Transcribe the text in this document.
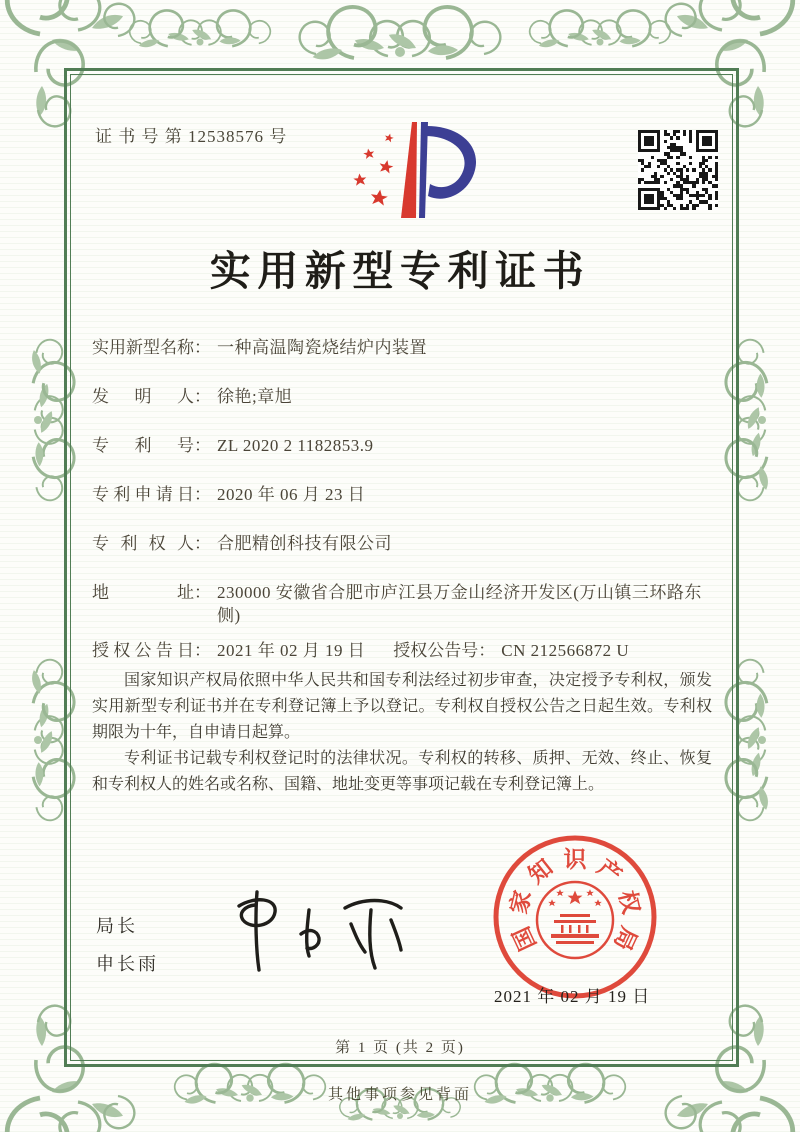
证 书 号 第 12538576 号
实用新型专利证书
实用新型名称： 一种高温陶瓷烧结炉内装置
发明人： 徐艳;章旭
专利号： ZL 2020 2 1182853.9
专利申请日： 2020 年 06 月 23 日
专利权人： 合肥精创科技有限公司
地址： 230000 安徽省合肥市庐江县万金山经济开发区(万山镇三环路东侧)
授权公告日： 2021 年 02 月 19 日 授权公告号： CN 212566872 U

国家知识产权局依照中华人民共和国专利法经过初步审查，决定授予专利权，颁发实用新型专利证书并在专利登记簿上予以登记。专利权自授权公告之日起生效。专利权期限为十年，自申请日起算。

专利证书记载专利权登记时的法律状况。专利权的转移、质押、无效、终止、恢复和专利权人的姓名或名称、国籍、地址变更等事项记载在专利登记簿上。

局长
申长雨
国
家
知 识 产
权
局
2021 年 02 月 19 日
第 1 页 (共 2 页)
其他事项参见背面
